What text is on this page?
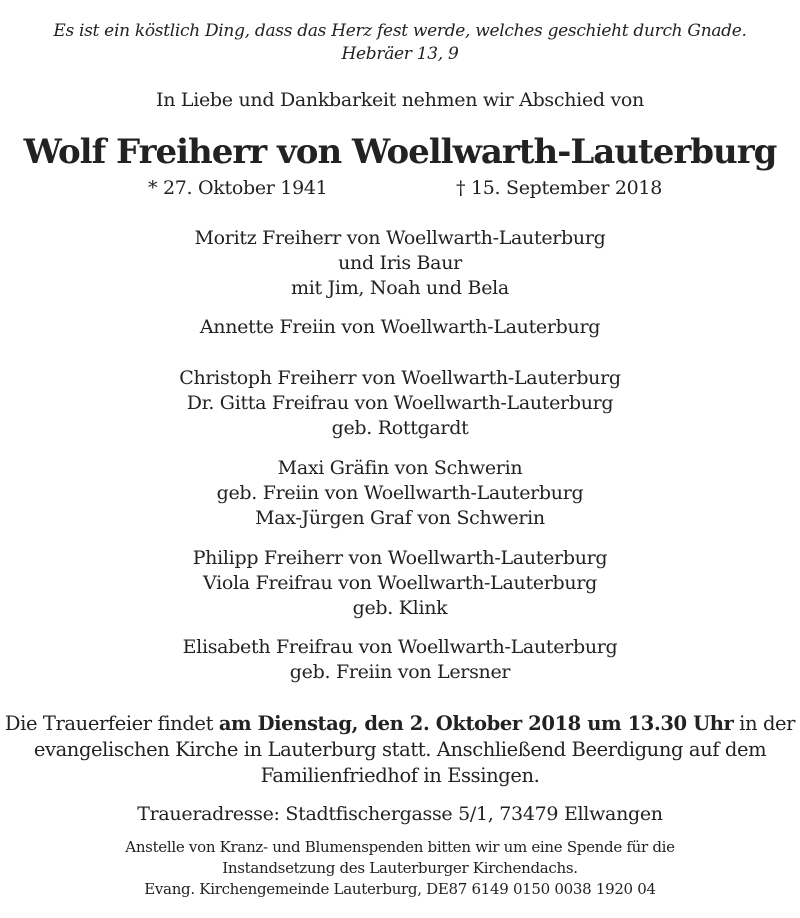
Es ist ein köstlich Ding, dass das Herz fest werde, welches geschieht durch Gnade.
Hebräer 13, 9
In Liebe und Dankbarkeit nehmen wir Abschied von
Wolf Freiherr von Woellwarth-Lauterburg
* 27. Oktober 1941	† 15. September 2018
Moritz Freiherr von Woellwarth-Lauterburg
und Iris Baur
mit Jim, Noah und Bela
Annette Freiin von Woellwarth-Lauterburg
Christoph Freiherr von Woellwarth-Lauterburg
Dr. Gitta Freifrau von Woellwarth-Lauterburg
geb. Rottgardt
Maxi Gräfin von Schwerin
geb. Freiin von Woellwarth-Lauterburg
Max-Jürgen Graf von Schwerin
Philipp Freiherr von Woellwarth-Lauterburg
Viola Freifrau von Woellwarth-Lauterburg
geb. Klink
Elisabeth Freifrau von Woellwarth-Lauterburg
geb. Freiin von Lersner
Die Trauerfeier findet am Dienstag, den 2. Oktober 2018 um 13.30 Uhr in der
evangelischen Kirche in Lauterburg statt. Anschließend Beerdigung auf dem
Familienfriedhof in Essingen.
Traueradresse: Stadtfischergasse 5/1, 73479 Ellwangen
Anstelle von Kranz- und Blumenspenden bitten wir um eine Spende für die
Instandsetzung des Lauterburger Kirchendachs.
Evang. Kirchengemeinde Lauterburg, DE87 6149 0150 0038 1920 04
